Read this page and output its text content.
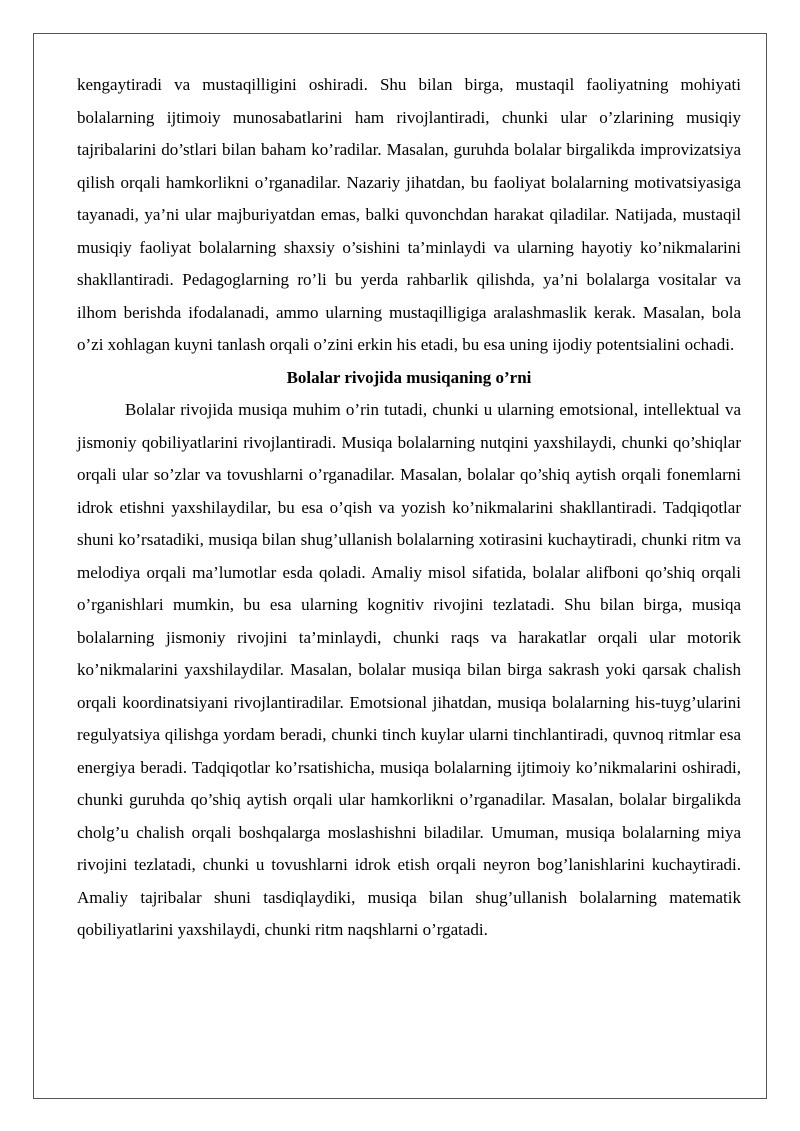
kengaytiradi va mustaqilligini oshiradi. Shu bilan birga, mustaqil faoliyatning mohiyati bolalarning ijtimoiy munosabatlarini ham rivojlantiradi, chunki ular o’zlarining musiqiy tajribalarini do’stlari bilan baham ko’radilar. Masalan, guruhda bolalar birgalikda improvizatsiya qilish orqali hamkorlikni o’rganadilar. Nazariy jihatdan, bu faoliyat bolalarning motivatsiyasiga tayanadi, ya’ni ular majburiyatdan emas, balki quvonchdan harakat qiladilar. Natijada, mustaqil musiqiy faoliyat bolalarning shaxsiy o’sishini ta’minlaydi va ularning hayotiy ko’nikmalarini shakllantiradi. Pedagoglarning ro’li bu yerda rahbarlik qilishda, ya’ni bolalarga vositalar va ilhom berishda ifodalanadi, ammo ularning mustaqilligiga aralashmaslik kerak. Masalan, bola o’zi xohlagan kuyni tanlash orqali o’zini erkin his etadi, bu esa uning ijodiy potentsialini ochadi.

Bolalar rivojida musiqaning o’rni

Bolalar rivojida musiqa muhim o’rin tutadi, chunki u ularning emotsional, intellektual va jismoniy qobiliyatlarini rivojlantiradi. Musiqa bolalarning nutqini yaxshilaydi, chunki qo’shiqlar orqali ular so’zlar va tovushlarni o’rganadilar. Masalan, bolalar qo’shiq aytish orqali fonemlarni idrok etishni yaxshilaydilar, bu esa o’qish va yozish ko’nikmalarini shakllantiradi. Tadqiqotlar shuni ko’rsatadiki, musiqa bilan shug’ullanish bolalarning xotirasini kuchaytiradi, chunki ritm va melodiya orqali ma’lumotlar esda qoladi. Amaliy misol sifatida, bolalar alifboni qo’shiq orqali o’rganishlari mumkin, bu esa ularning kognitiv rivojini tezlatadi. Shu bilan birga, musiqa bolalarning jismoniy rivojini ta’minlaydi, chunki raqs va harakatlar orqali ular motorik ko’nikmalarini yaxshilaydilar. Masalan, bolalar musiqa bilan birga sakrash yoki qarsak chalish orqali koordinatsiyani rivojlantiradilar. Emotsional jihatdan, musiqa bolalarning his-tuyg’ularini regulyatsiya qilishga yordam beradi, chunki tinch kuylar ularni tinchlantiradi, quvnoq ritmlar esa energiya beradi. Tadqiqotlar ko’rsatishicha, musiqa bolalarning ijtimoiy ko’nikmalarini oshiradi, chunki guruhda qo’shiq aytish orqali ular hamkorlikni o’rganadilar. Masalan, bolalar birgalikda cholg’u chalish orqali boshqalarga moslashishni biladilar. Umuman, musiqa bolalarning miya rivojini tezlatadi, chunki u tovushlarni idrok etish orqali neyron bog’lanishlarini kuchaytiradi. Amaliy tajribalar shuni tasdiqlaydiki, musiqa bilan shug’ullanish bolalarning matematik qobiliyatlarini yaxshilaydi, chunki ritm naqshlarni o’rgatadi.
